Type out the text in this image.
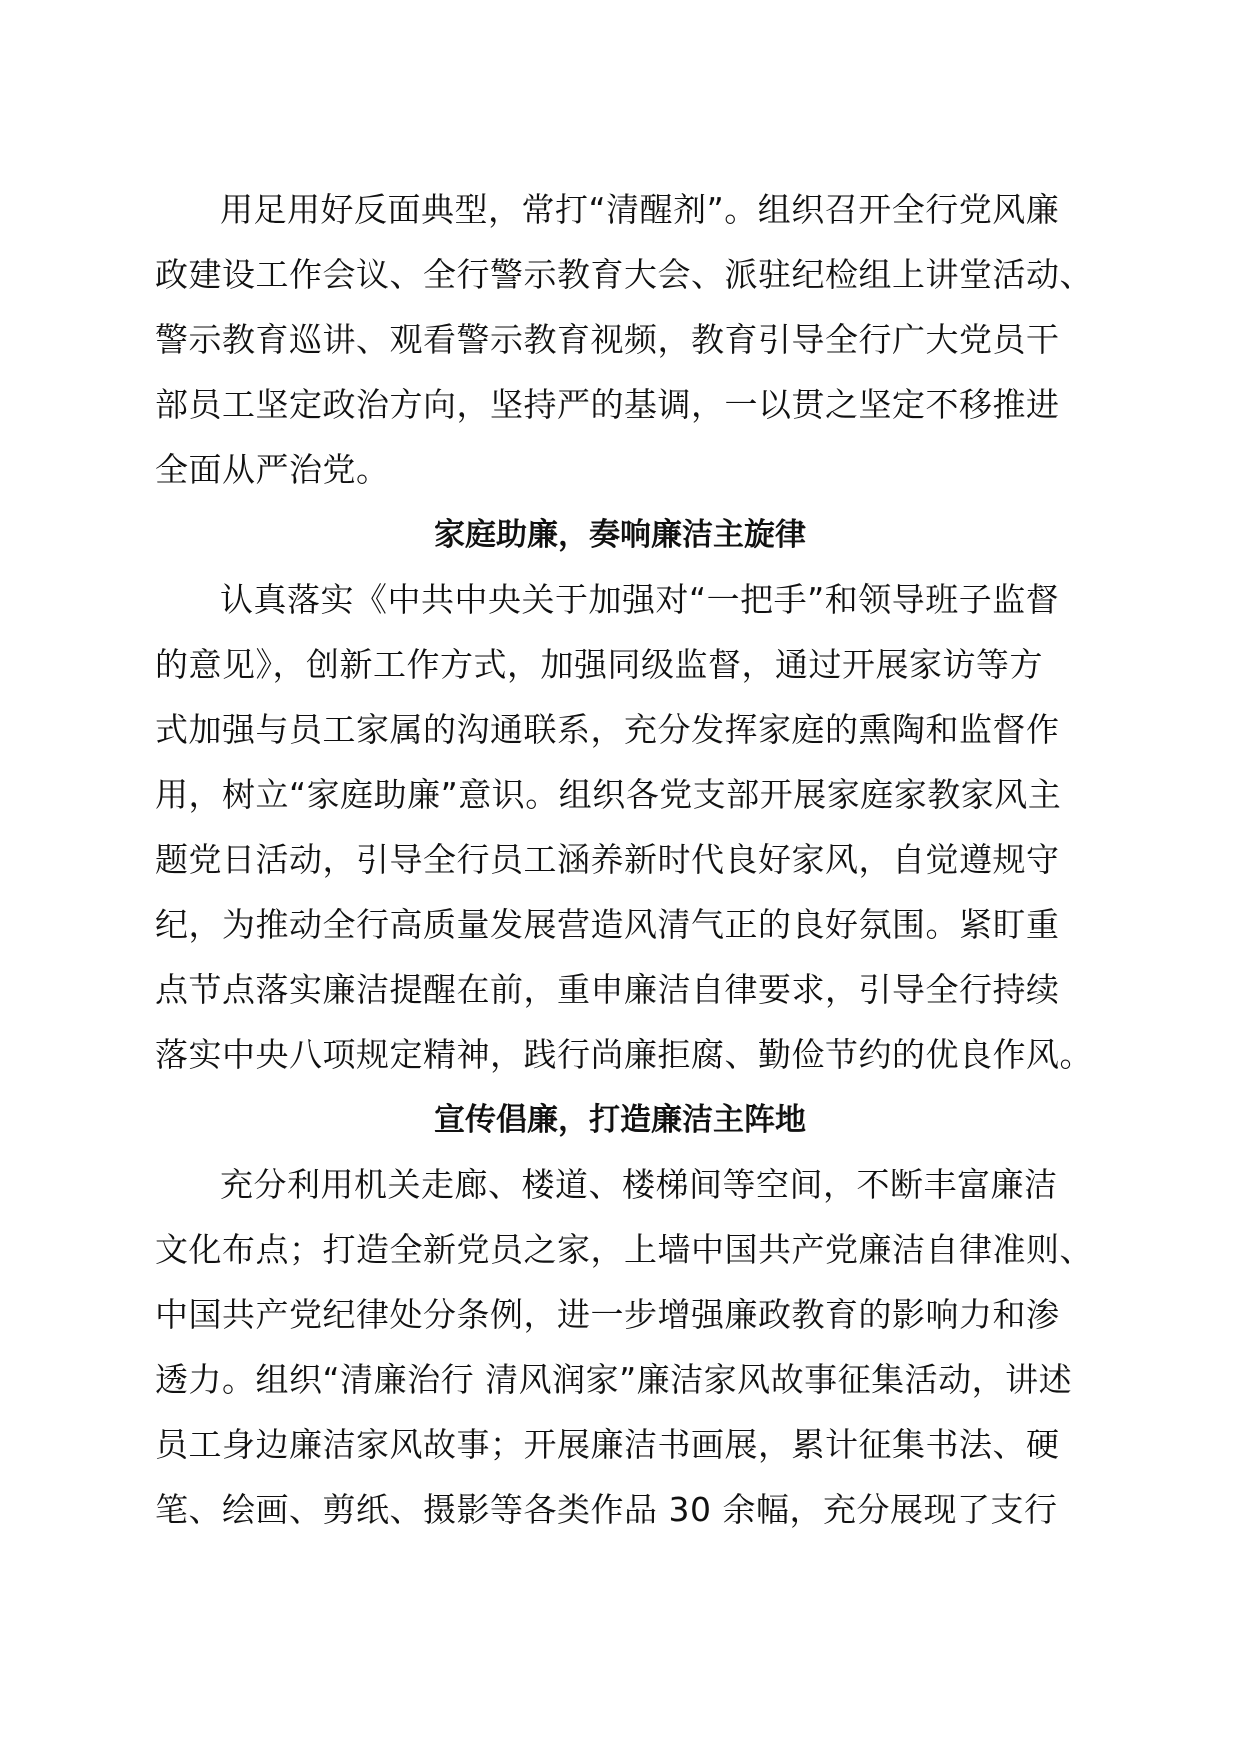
用足用好反面典型，常打“清醒剂”。组织召开全行党风廉
政建设工作会议、全行警示教育大会、派驻纪检组上讲堂活动、
警示教育巡讲、观看警示教育视频，教育引导全行广大党员干
部员工坚定政治方向，坚持严的基调，一以贯之坚定不移推进
全面从严治党。
家庭助廉，奏响廉洁主旋律
认真落实《中共中央关于加强对“一把手”和领导班子监督
的意见》，创新工作方式，加强同级监督，通过开展家访等方
式加强与员工家属的沟通联系，充分发挥家庭的熏陶和监督作
用，树立“家庭助廉”意识。组织各党支部开展家庭家教家风主
题党日活动，引导全行员工涵养新时代良好家风，自觉遵规守
纪，为推动全行高质量发展营造风清气正的良好氛围。紧盯重
点节点落实廉洁提醒在前，重申廉洁自律要求，引导全行持续
落实中央八项规定精神，践行尚廉拒腐、勤俭节约的优良作风。
宣传倡廉，打造廉洁主阵地
充分利用机关走廊、楼道、楼梯间等空间，不断丰富廉洁
文化布点；打造全新党员之家，上墙中国共产党廉洁自律准则、
中国共产党纪律处分条例，进一步增强廉政教育的影响力和渗
透力。组织“清廉治行 清风润家”廉洁家风故事征集活动，讲述
员工身边廉洁家风故事；开展廉洁书画展，累计征集书法、硬
笔、绘画、剪纸、摄影等各类作品 30 余幅，充分展现了支行
